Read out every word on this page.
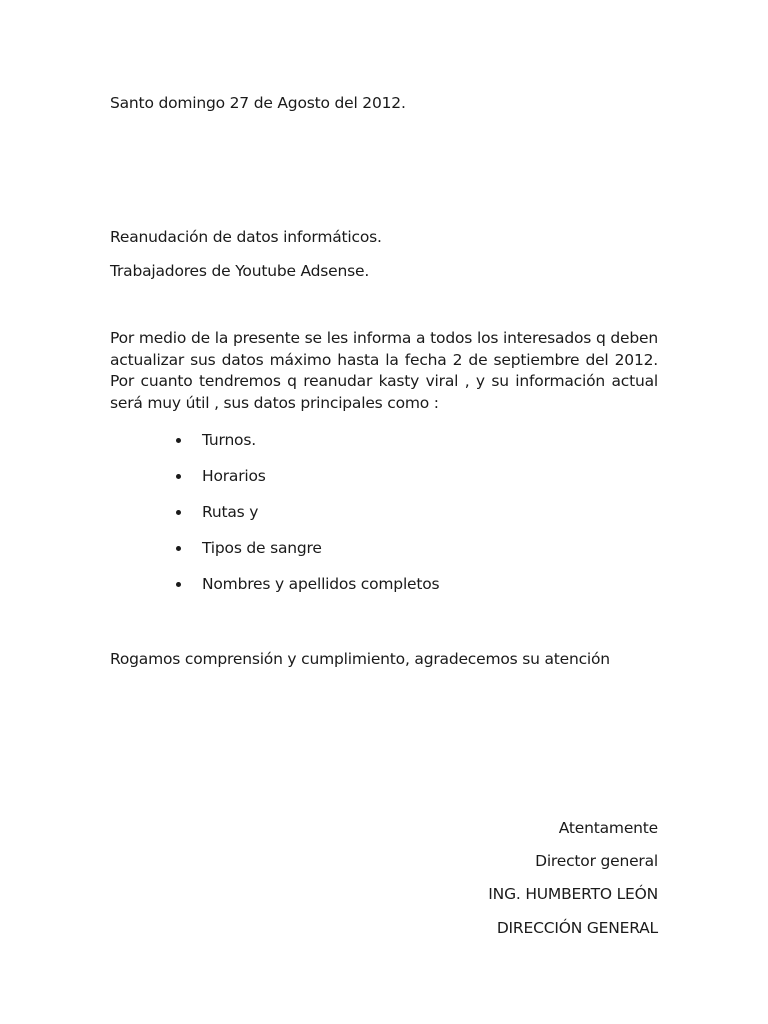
Santo domingo 27 de Agosto del 2012.
Reanudación de datos informáticos.
Trabajadores de Youtube Adsense.
Por medio de la presente se les informa a todos los interesados q deben actualizar sus datos máximo hasta la fecha 2 de septiembre del 2012. Por cuanto tendremos q reanudar kasty viral , y su información actual será muy útil , sus datos principales como :
Turnos.
Horarios
Rutas y
Tipos de sangre
Nombres y apellidos completos
Rogamos comprensión y cumplimiento, agradecemos su atención
Atentamente
Director general
ING. HUMBERTO LEÓN
DIRECCIÓN GENERAL
